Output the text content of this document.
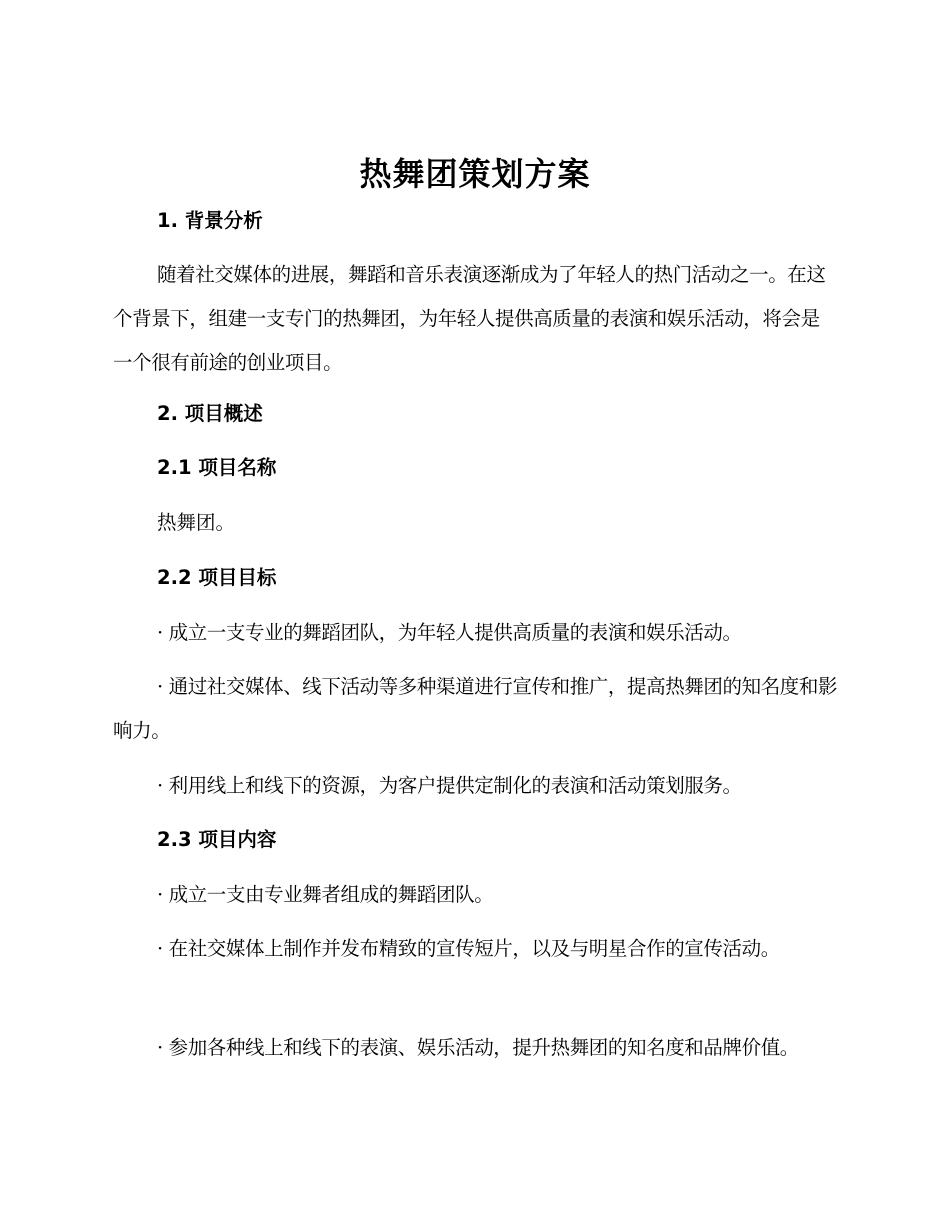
热舞团策划方案

1. 背景分析

随着社交媒体的进展，舞蹈和音乐表演逐渐成为了年轻人的热门活动之一。在这个背景下，组建一支专门的热舞团，为年轻人提供高质量的表演和娱乐活动，将会是一个很有前途的创业项目。

2. 项目概述

2.1 项目名称

热舞团。

2.2 项目目标

· 成立一支专业的舞蹈团队，为年轻人提供高质量的表演和娱乐活动。

· 通过社交媒体、线下活动等多种渠道进行宣传和推广，提高热舞团的知名度和影响力。

· 利用线上和线下的资源，为客户提供定制化的表演和活动策划服务。

2.3 项目内容

· 成立一支由专业舞者组成的舞蹈团队。

· 在社交媒体上制作并发布精致的宣传短片，以及与明星合作的宣传活动。

· 参加各种线上和线下的表演、娱乐活动，提升热舞团的知名度和品牌价值。
